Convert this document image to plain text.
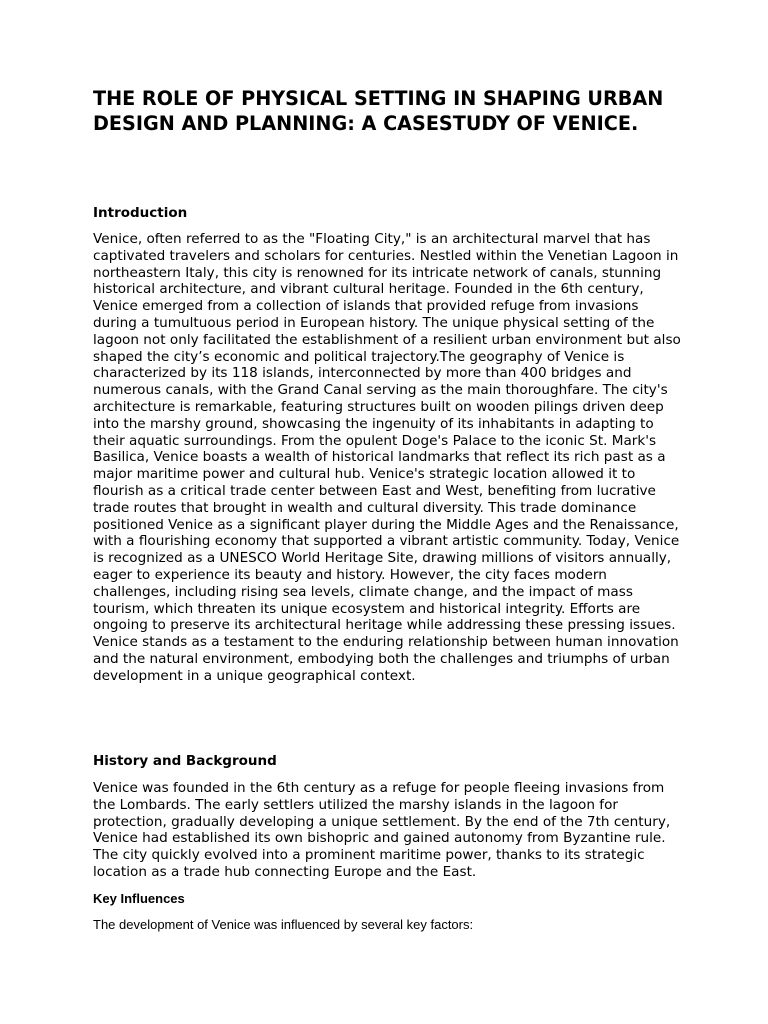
THE ROLE OF PHYSICAL SETTING IN SHAPING URBAN DESIGN AND PLANNING: A CASESTUDY OF VENICE.
Introduction

Venice, often referred to as the "Floating City," is an architectural marvel that has captivated travelers and scholars for centuries. Nestled within the Venetian Lagoon in northeastern Italy, this city is renowned for its intricate network of canals, stunning historical architecture, and vibrant cultural heritage. Founded in the 6th century, Venice emerged from a collection of islands that provided refuge from invasions during a tumultuous period in European history. The unique physical setting of the lagoon not only facilitated the establishment of a resilient urban environment but also shaped the city’s economic and political trajectory.The geography of Venice is characterized by its 118 islands, interconnected by more than 400 bridges and numerous canals, with the Grand Canal serving as the main thoroughfare. The city's architecture is remarkable, featuring structures built on wooden pilings driven deep into the marshy ground, showcasing the ingenuity of its inhabitants in adapting to their aquatic surroundings. From the opulent Doge's Palace to the iconic St. Mark's Basilica, Venice boasts a wealth of historical landmarks that reflect its rich past as a major maritime power and cultural hub. Venice's strategic location allowed it to flourish as a critical trade center between East and West, benefiting from lucrative trade routes that brought in wealth and cultural diversity. This trade dominance positioned Venice as a significant player during the Middle Ages and the Renaissance, with a flourishing economy that supported a vibrant artistic community. Today, Venice is recognized as a UNESCO World Heritage Site, drawing millions of visitors annually, eager to experience its beauty and history. However, the city faces modern challenges, including rising sea levels, climate change, and the impact of mass tourism, which threaten its unique ecosystem and historical integrity. Efforts are ongoing to preserve its architectural heritage while addressing these pressing issues. Venice stands as a testament to the enduring relationship between human innovation and the natural environment, embodying both the challenges and triumphs of urban development in a unique geographical context.

History and Background

Venice was founded in the 6th century as a refuge for people fleeing invasions from the Lombards. The early settlers utilized the marshy islands in the lagoon for protection, gradually developing a unique settlement. By the end of the 7th century, Venice had established its own bishopric and gained autonomy from Byzantine rule. The city quickly evolved into a prominent maritime power, thanks to its strategic location as a trade hub connecting Europe and the East.

Key Influences

The development of Venice was influenced by several key factors:
